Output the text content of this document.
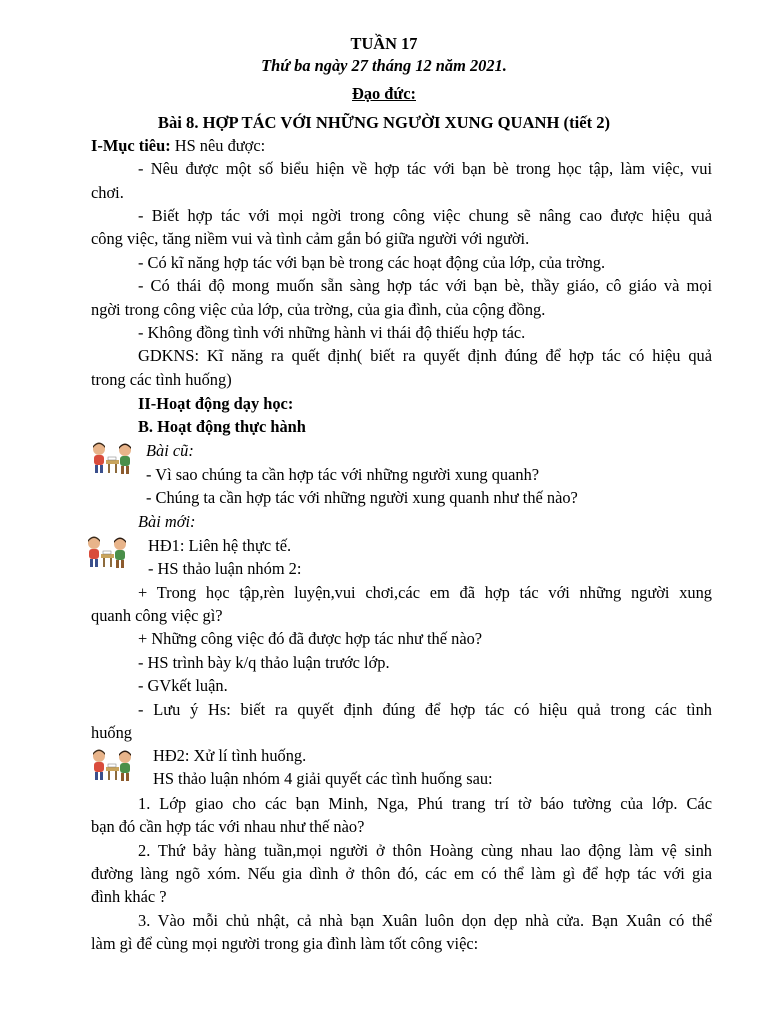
TUẦN 17
Thứ ba ngày 27 tháng 12 năm 2021.
Đạo đức:
Bài 8. HỢP TÁC VỚI NHỮNG NGƯỜI XUNG QUANH (tiết 2)
I-Mục tiêu: HS nêu được:
- Nêu được một số biểu hiện về hợp tác với bạn bè trong học tập, làm việc, vui
chơi.
- Biết hợp tác với mọi ngời trong công việc chung sẽ nâng cao được hiệu quả
công việc, tăng niềm vui và tình cảm gắn bó giữa người với người.
- Có kĩ năng hợp tác với bạn bè trong các hoạt động của lớp, của trờng.
- Có thái độ mong muốn sẵn sàng hợp tác với bạn bè, thầy giáo, cô giáo và mọi
ngời trong công việc của lớp, của trờng, của gia đình, của cộng đồng.
- Không đồng tình với những hành vi thái độ thiếu hợp tác.
GDKNS: Kĩ năng ra quết định( biết ra quyết định đúng để hợp tác có hiệu quả
trong các tình huống)
II-Hoạt động dạy học:
B. Hoạt động thực hành
Bài cũ:
- Vì sao chúng ta cần hợp tác với những người xung quanh?
- Chúng ta cần hợp tác với những người xung quanh như thế nào?
Bài mới:
HĐ1: Liên hệ thực tế.
- HS thảo luận nhóm 2:
+ Trong học tập,rèn luyện,vui chơi,các em đã hợp tác với những người xung
quanh công việc gì?
+ Những công việc đó đã được hợp tác như thế nào?
- HS trình bày k/q thảo luận trước lớp.
- GVkết luận.
- Lưu ý Hs: biết ra quyết định đúng để hợp tác có hiệu quả trong các tình
huống
HĐ2: Xử lí tình huống.
HS thảo luận nhóm 4 giải quyết các tình huống sau:
1. Lớp giao cho các bạn Minh, Nga, Phú trang trí tờ báo tường của lớp. Các
bạn đó cần hợp tác với nhau như thế nào?
2. Thứ bảy hàng tuần,mọi người ở thôn Hoàng cùng nhau lao động làm vệ sinh
đường làng ngõ xóm. Nếu gia dình ở thôn đó, các em có thể làm gì để hợp tác với gia
đình khác ?
3. Vào mỗi chủ nhật, cả nhà bạn Xuân luôn dọn dẹp nhà cửa. Bạn Xuân có thể
làm gì để cùng mọi người trong gia đình làm tốt công việc:
